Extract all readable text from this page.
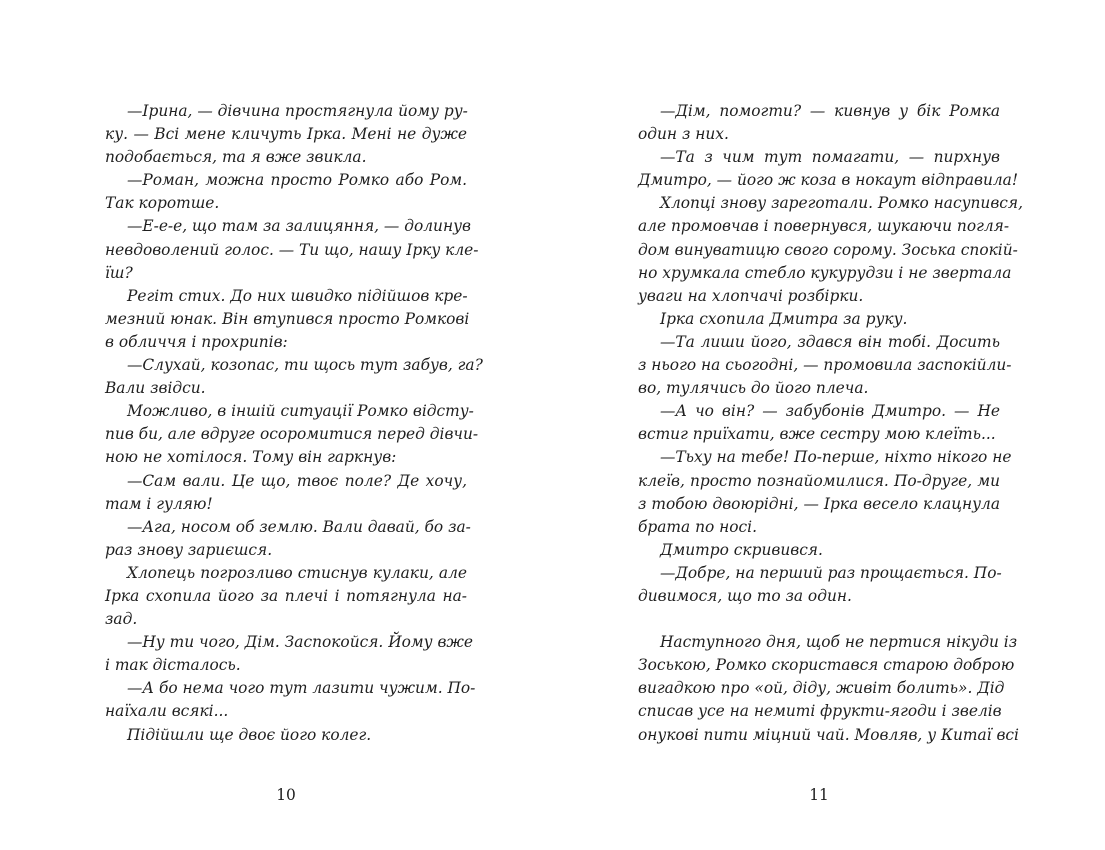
—Ірина, — дівчина простягнула йому ру-
ку. — Всі мене кличуть Ірка. Мені не дуже
подобається, та я вже звикла.
—Роман, можна просто Ромко або Ром.
Так коротше.
—Е-е-е, що там за залицяння, — долинув
невдоволений голос. — Ти що, нашу Ірку кле-
їш?
Регіт стих. До них швидко підійшов кре-
мезний юнак. Він втупився просто Ромкові
в обличчя і прохрипів:
—Слухай, козопас, ти щось тут забув, га?
Вали звідси.
Можливо, в іншій ситуації Ромко відсту-
пив би, але вдруге осоромитися перед дівчи-
ною не хотілося. Тому він гаркнув:
—Сам вали. Це що, твоє поле? Де хочу,
там і гуляю!
—Ага, носом об землю. Вали давай, бо за-
раз знову зариєшся.
Хлопець погрозливо стиснув кулаки, але
Ірка схопила його за плечі і потягнула на-
зад.
—Ну ти чого, Дім. Заспокойся. Йому вже
і так дісталось.
—А бо нема чого тут лазити чужим. По-
наїхали всякі...
Підійшли ще двоє його колег.
10
—Дім, помогти? — кивнув у бік Ромка
один з них.
—Та з чим тут помагати, — пирхнув
Дмитро, — його ж коза в нокаут відправила!
Хлопці знову зареготали. Ромко насупився,
але промовчав і повернувся, шукаючи погля-
дом винуватицю свого сорому. Зоська спокій-
но хрумкала стебло кукурудзи і не звертала
уваги на хлопчачі розбірки.
Ірка схопила Дмитра за руку.
—Та лиши його, здався він тобі. Досить
з нього на сьогодні, — промовила заспокійли-
во, тулячись до його плеча.
—А чо він? — забубонів Дмитро. — Не
встиг приїхати, вже сестру мою клеїть...
—Тьху на тебе! По-перше, ніхто нікого не
клеїв, просто познайомилися. По-друге, ми
з тобою двоюрідні, — Ірка весело клацнула
брата по носі.
Дмитро скривився.
—Добре, на перший раз прощається. По-
дивимося, що то за один.
Наступного дня, щоб не пертися нікуди із
Зоською, Ромко скористався старою доброю
вигадкою про «ой, діду, живіт болить». Дід
списав усе на немиті фрукти-ягоди і звелів
онукові пити міцний чай. Мовляв, у Китаї всі
11
